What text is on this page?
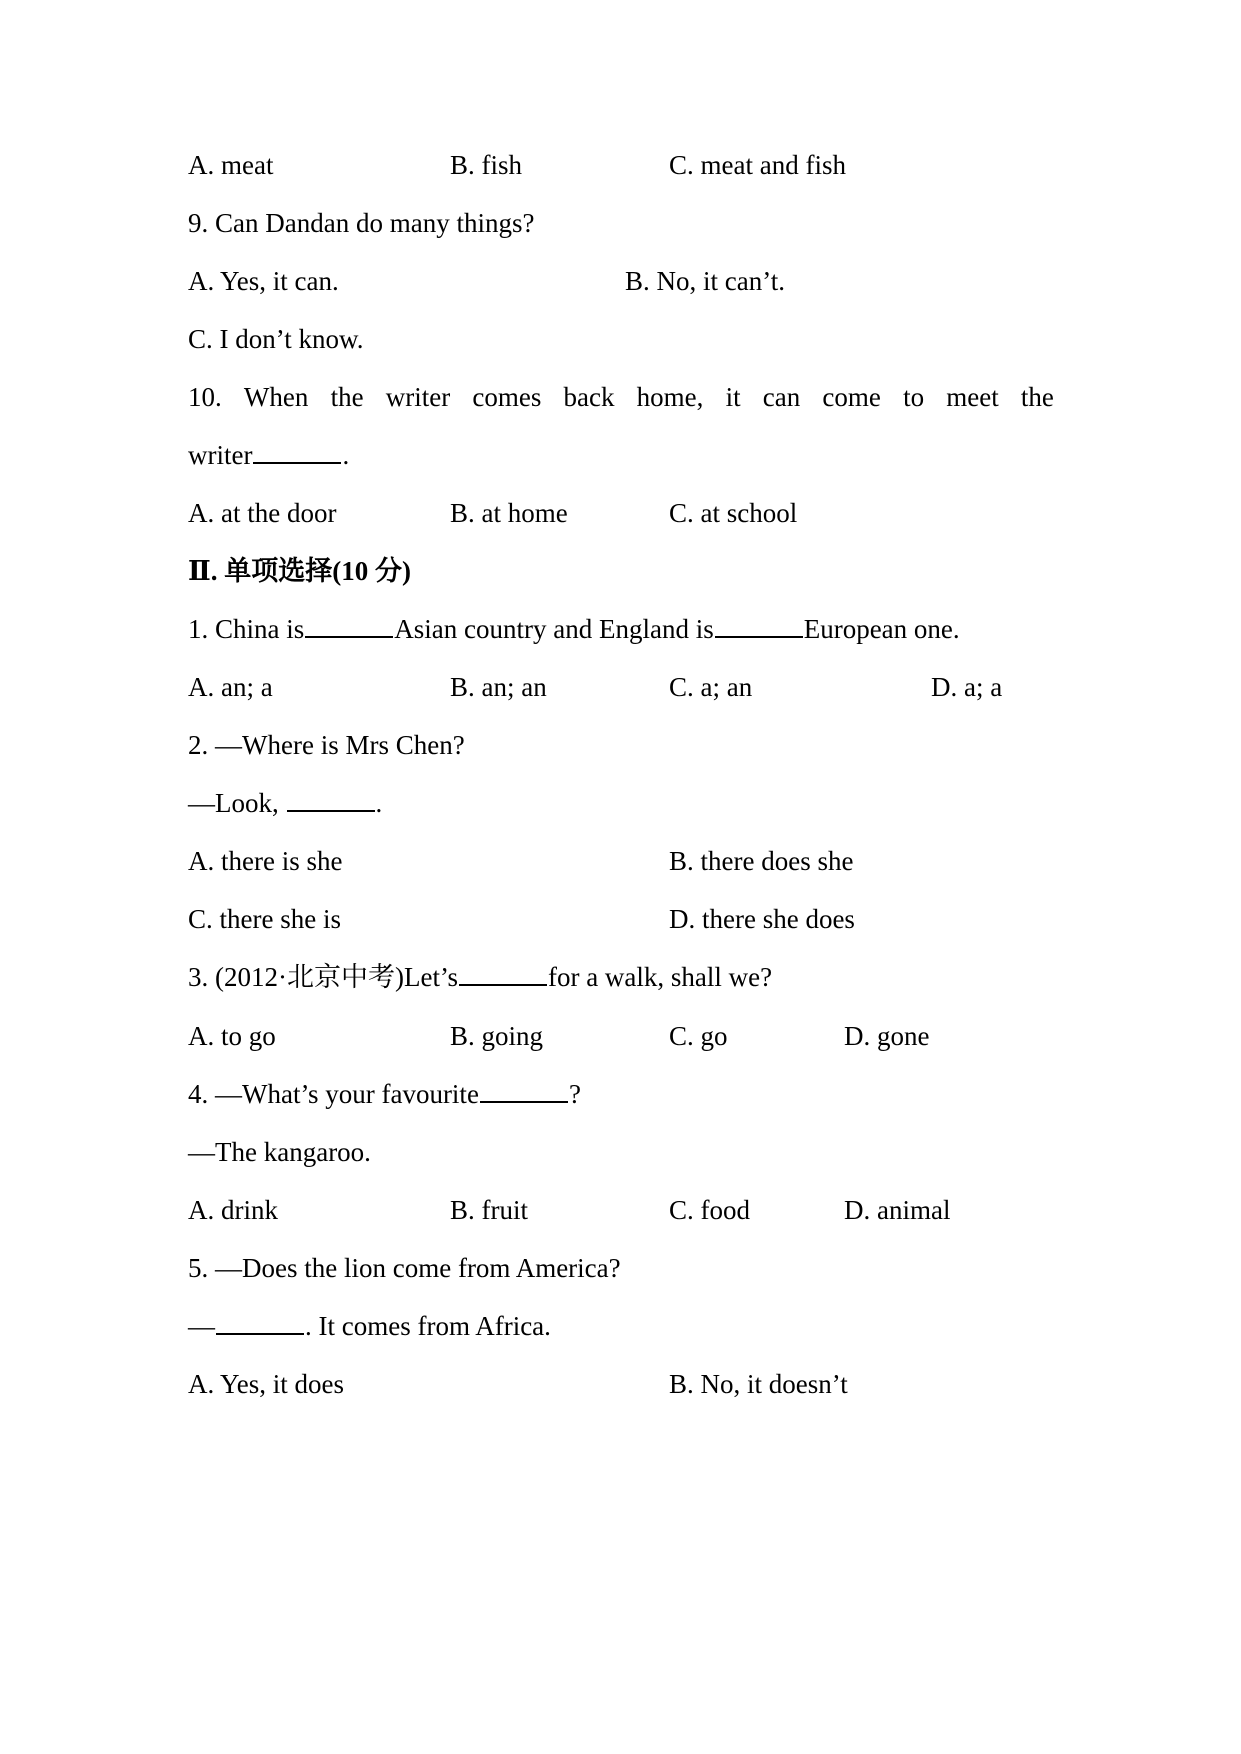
A. meat	B. fish	C. meat and fish
9. Can Dandan do many things?
A. Yes, it can.	B. No, it can’t.
C. I don’t know.
10. When the writer comes back home, it can come to meet the
writer	.
A. at the door	B. at home	C. at school
Ⅱ. 单项选择(10 分)
1. China is	Asian country and England is	European one.
A. an; a	B. an; an	C. a; an	D. a; a
2. —Where is Mrs Chen?
—Look,	.
A. there is she	B. there does she
C. there she is	D. there she does
3. (2012·北京中考)Let’s	for a walk, shall we?
A. to go	B. going	C. go	D. gone
4. —What’s your favourite	?
—The kangaroo.
A. drink	B. fruit	C. food	D. animal
5. —Does the lion come from America?
—	. It comes from Africa.
A. Yes, it does	B. No, it doesn’t
